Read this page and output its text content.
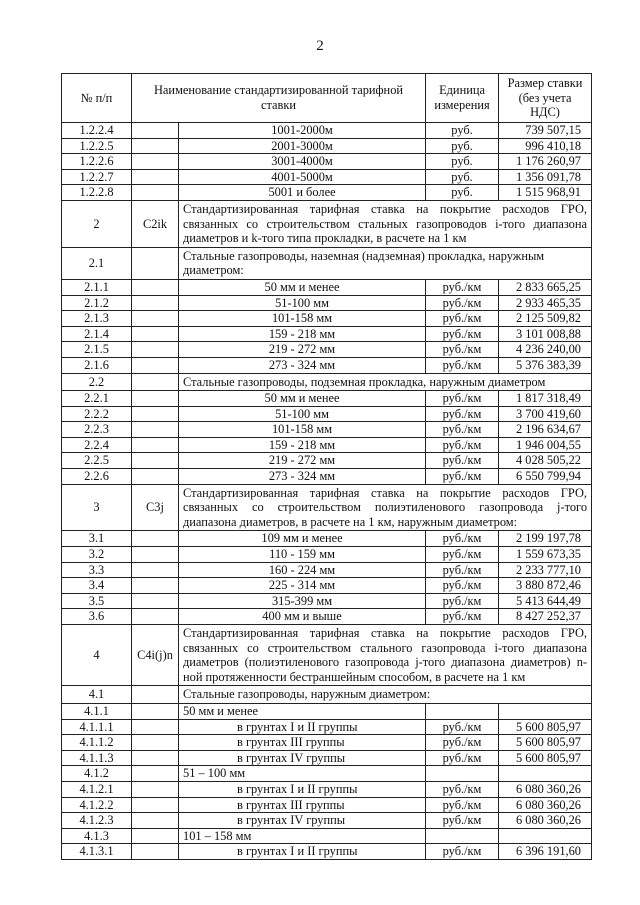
2
№ п/п	Наименование стандартизированной тарифной ставки		Единица измерения	Размер ставки (без учета НДС)
1.2.2.4		1001-2000м	руб.	739 507,15
1.2.2.5		2001-3000м	руб.	996 410,18
1.2.2.6		3001-4000м	руб.	1 176 260,97
1.2.2.7		4001-5000м	руб.	1 356 091,78
1.2.2.8		5001 и более	руб.	1 515 968,91
2	C2ik	Стандартизированная тарифная ставка на покрытие расходов ГРО, связанных со строительством стальных газопроводов i-того диапазона диаметров и k-того типа прокладки, в расчете на 1 км		
2.1		Стальные газопроводы, наземная (надземная) прокладка, наружным диаметром:		
2.1.1		50 мм и менее	руб./км	2 833 665,25
2.1.2		51-100 мм	руб./км	2 933 465,35
2.1.3		101-158 мм	руб./км	2 125 509,82
2.1.4		159 - 218 мм	руб./км	3 101 008,88
2.1.5		219 - 272 мм	руб./км	4 236 240,00
2.1.6		273 - 324 мм	руб./км	5 376 383,39
2.2		Стальные газопроводы, подземная прокладка, наружным диаметром		
2.2.1		50 мм и менее	руб./км	1 817 318,49
2.2.2		51-100 мм	руб./км	3 700 419,60
2.2.3		101-158 мм	руб./км	2 196 634,67
2.2.4		159 - 218 мм	руб./км	1 946 004,55
2.2.5		219 - 272 мм	руб./км	4 028 505,22
2.2.6		273 - 324 мм	руб./км	6 550 799,94
3	C3j	Стандартизированная тарифная ставка на покрытие расходов ГРО, связанных со строительством полиэтиленового газопровода j-того диапазона диаметров, в расчете на 1 км, наружным диаметром:		
3.1		109 мм и менее	руб./км	2 199 197,78
3.2		110 - 159 мм	руб./км	1 559 673,35
3.3		160 - 224 мм	руб./км	2 233 777,10
3.4		225 - 314 мм	руб./км	3 880 872,46
3.5		315-399 мм	руб./км	5 413 644,49
3.6		400 мм и выше	руб./км	8 427 252,37
4	C4i(j)n	Стандартизированная тарифная ставка на покрытие расходов ГРО, связанных со строительством стального газопровода i-того диапазона диаметров (полиэтиленового газопровода j-того диапазона диаметров) n-ной протяженности бестраншейным способом, в расчете на 1 км		
4.1		Стальные газопроводы, наружным диаметром:		
4.1.1		50 мм и менее		
4.1.1.1		в грунтах I и II группы	руб./км	5 600 805,97
4.1.1.2		в грунтах III группы	руб./км	5 600 805,97
4.1.1.3		в грунтах IV группы	руб./км	5 600 805,97
4.1.2		51 – 100 мм		
4.1.2.1		в грунтах I и II группы	руб./км	6 080 360,26
4.1.2.2		в грунтах III группы	руб./км	6 080 360,26
4.1.2.3		в грунтах IV группы	руб./км	6 080 360,26
4.1.3		101 – 158 мм		
4.1.3.1		в грунтах I и II группы	руб./км	6 396 191,60
